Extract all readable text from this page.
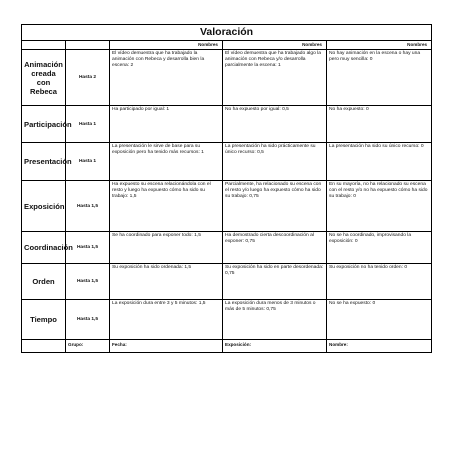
Valoración				
		Nombres	Nombres	Nombres
Animación creada con Rebeca	Hasta 2	El vídeo demuestra que ha trabajado la animación con Rebeca y desarrolla bien la escena: 2	El vídeo demuestra que ha trabajado algo la animación con Rebeca y/o desarrolla parcialmente la escena: 1	No hay animación en la escena o hay una pero muy sencilla: 0
Participación	Hasta 1	Ha participado por igual: 1	No ha expuesto por igual: 0,5	No ha expuesto: 0
Presentación	Hasta 1	La presentación le sirve de base para su exposición pero ha tenido más recursos: 1	La presentación ha sido prácticamente su único recurso: 0,5	La presentación ha sido su único recurso: 0
Exposición	Hasta 1,5	Ha expuesto su escena relacionándola con el resto y luego ha expuesto cómo ha sido su trabajo: 1,5	Parcialmente, ha relacionado su escena con el resto y/o luego ha expuesto cómo ha sido su trabajo: 0,75	En su mayoría, no ha relacionado su escena con el resto y/o no ha expuesto cómo ha sido su trabajo: 0
Coordinación	Hasta 1,5	Se ha coordinado para exponer todo: 1,5	Ha demostrado cierta descoordinación al exponer: 0,75	No se ha coordinado, improvisando la exposición: 0
Orden	Hasta 1,5	Su exposición ha sido ordenada: 1,5	Su exposición ha sido en parte desordenada: 0,75	Su exposición no ha tenido orden: 0
Tiempo	Hasta 1,5	La exposición dura entre 3 y 5 minutos: 1,5	La exposición dura menos de 3 minutos o más de 5 minutos: 0,75	No se ha expuesto: 0
	Grupo:	Fecha:	Exposición:	Nombre:
